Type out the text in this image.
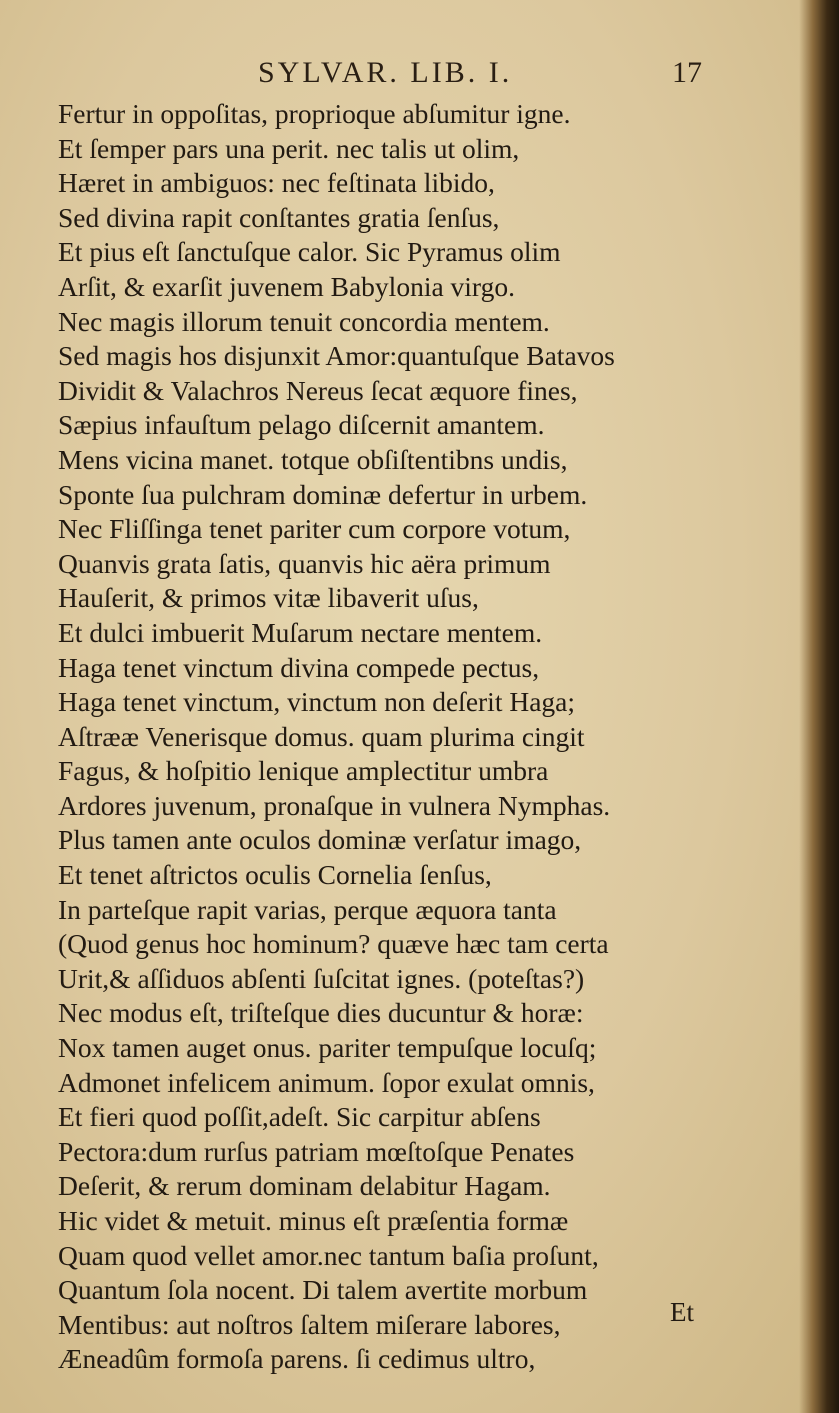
SYLVAR. LIB. I.	17
Fertur in oppoſitas, proprioque abſumitur igne.
Et ſemper pars una perit. nec talis ut olim,
Hæret in ambiguos: nec feſtinata libido,
Sed divina rapit conſtantes gratia ſenſus,
Et pius eſt ſanctuſque calor. Sic Pyramus olim
Arſit, & exarſit juvenem Babylonia virgo.
Nec magis illorum tenuit concordia mentem.
Sed magis hos disjunxit Amor:quantuſque Batavos
Dividit & Valachros Nereus ſecat æquore fines,
Sæpius infauſtum pelago diſcernit amantem.
Mens vicina manet. totque obſiſtentibns undis,
Sponte ſua pulchram dominæ defertur in urbem.
Nec Fliſſinga tenet pariter cum corpore votum,
Quanvis grata ſatis, quanvis hic aëra primum
Hauſerit, & primos vitæ libaverit uſus,
Et dulci imbuerit Muſarum nectare mentem.
Haga tenet vinctum divina compede pectus,
Haga tenet vinctum, vinctum non deſerit Haga;
Aſtrææ Venerisque domus. quam plurima cingit
Fagus, & hoſpitio lenique amplectitur umbra
Ardores juvenum, pronaſque in vulnera Nymphas.
Plus tamen ante oculos dominæ verſatur imago,
Et tenet aſtrictos oculis Cornelia ſenſus,
In parteſque rapit varias, perque æquora tanta
(Quod genus hoc hominum? quæve hæc tam certa
Urit,& aſſiduos abſenti ſuſcitat ignes. (poteſtas?)
Nec modus eſt, triſteſque dies ducuntur & horæ:
Nox tamen auget onus. pariter tempuſque locuſq;
Admonet infelicem animum. ſopor exulat omnis,
Et fieri quod poſſit,adeſt. Sic carpitur abſens
Pectora:dum rurſus patriam mœſtoſque Penates
Deſerit, & rerum dominam delabitur Hagam.
Hic videt & metuit. minus eſt præſentia formæ
Quam quod vellet amor.nec tantum baſia proſunt,
Quantum ſola nocent. Di talem avertite morbum
Mentibus: aut noſtros ſaltem miſerare labores,
Æneadûm formoſa parens. ſi cedimus ultro,
Et
